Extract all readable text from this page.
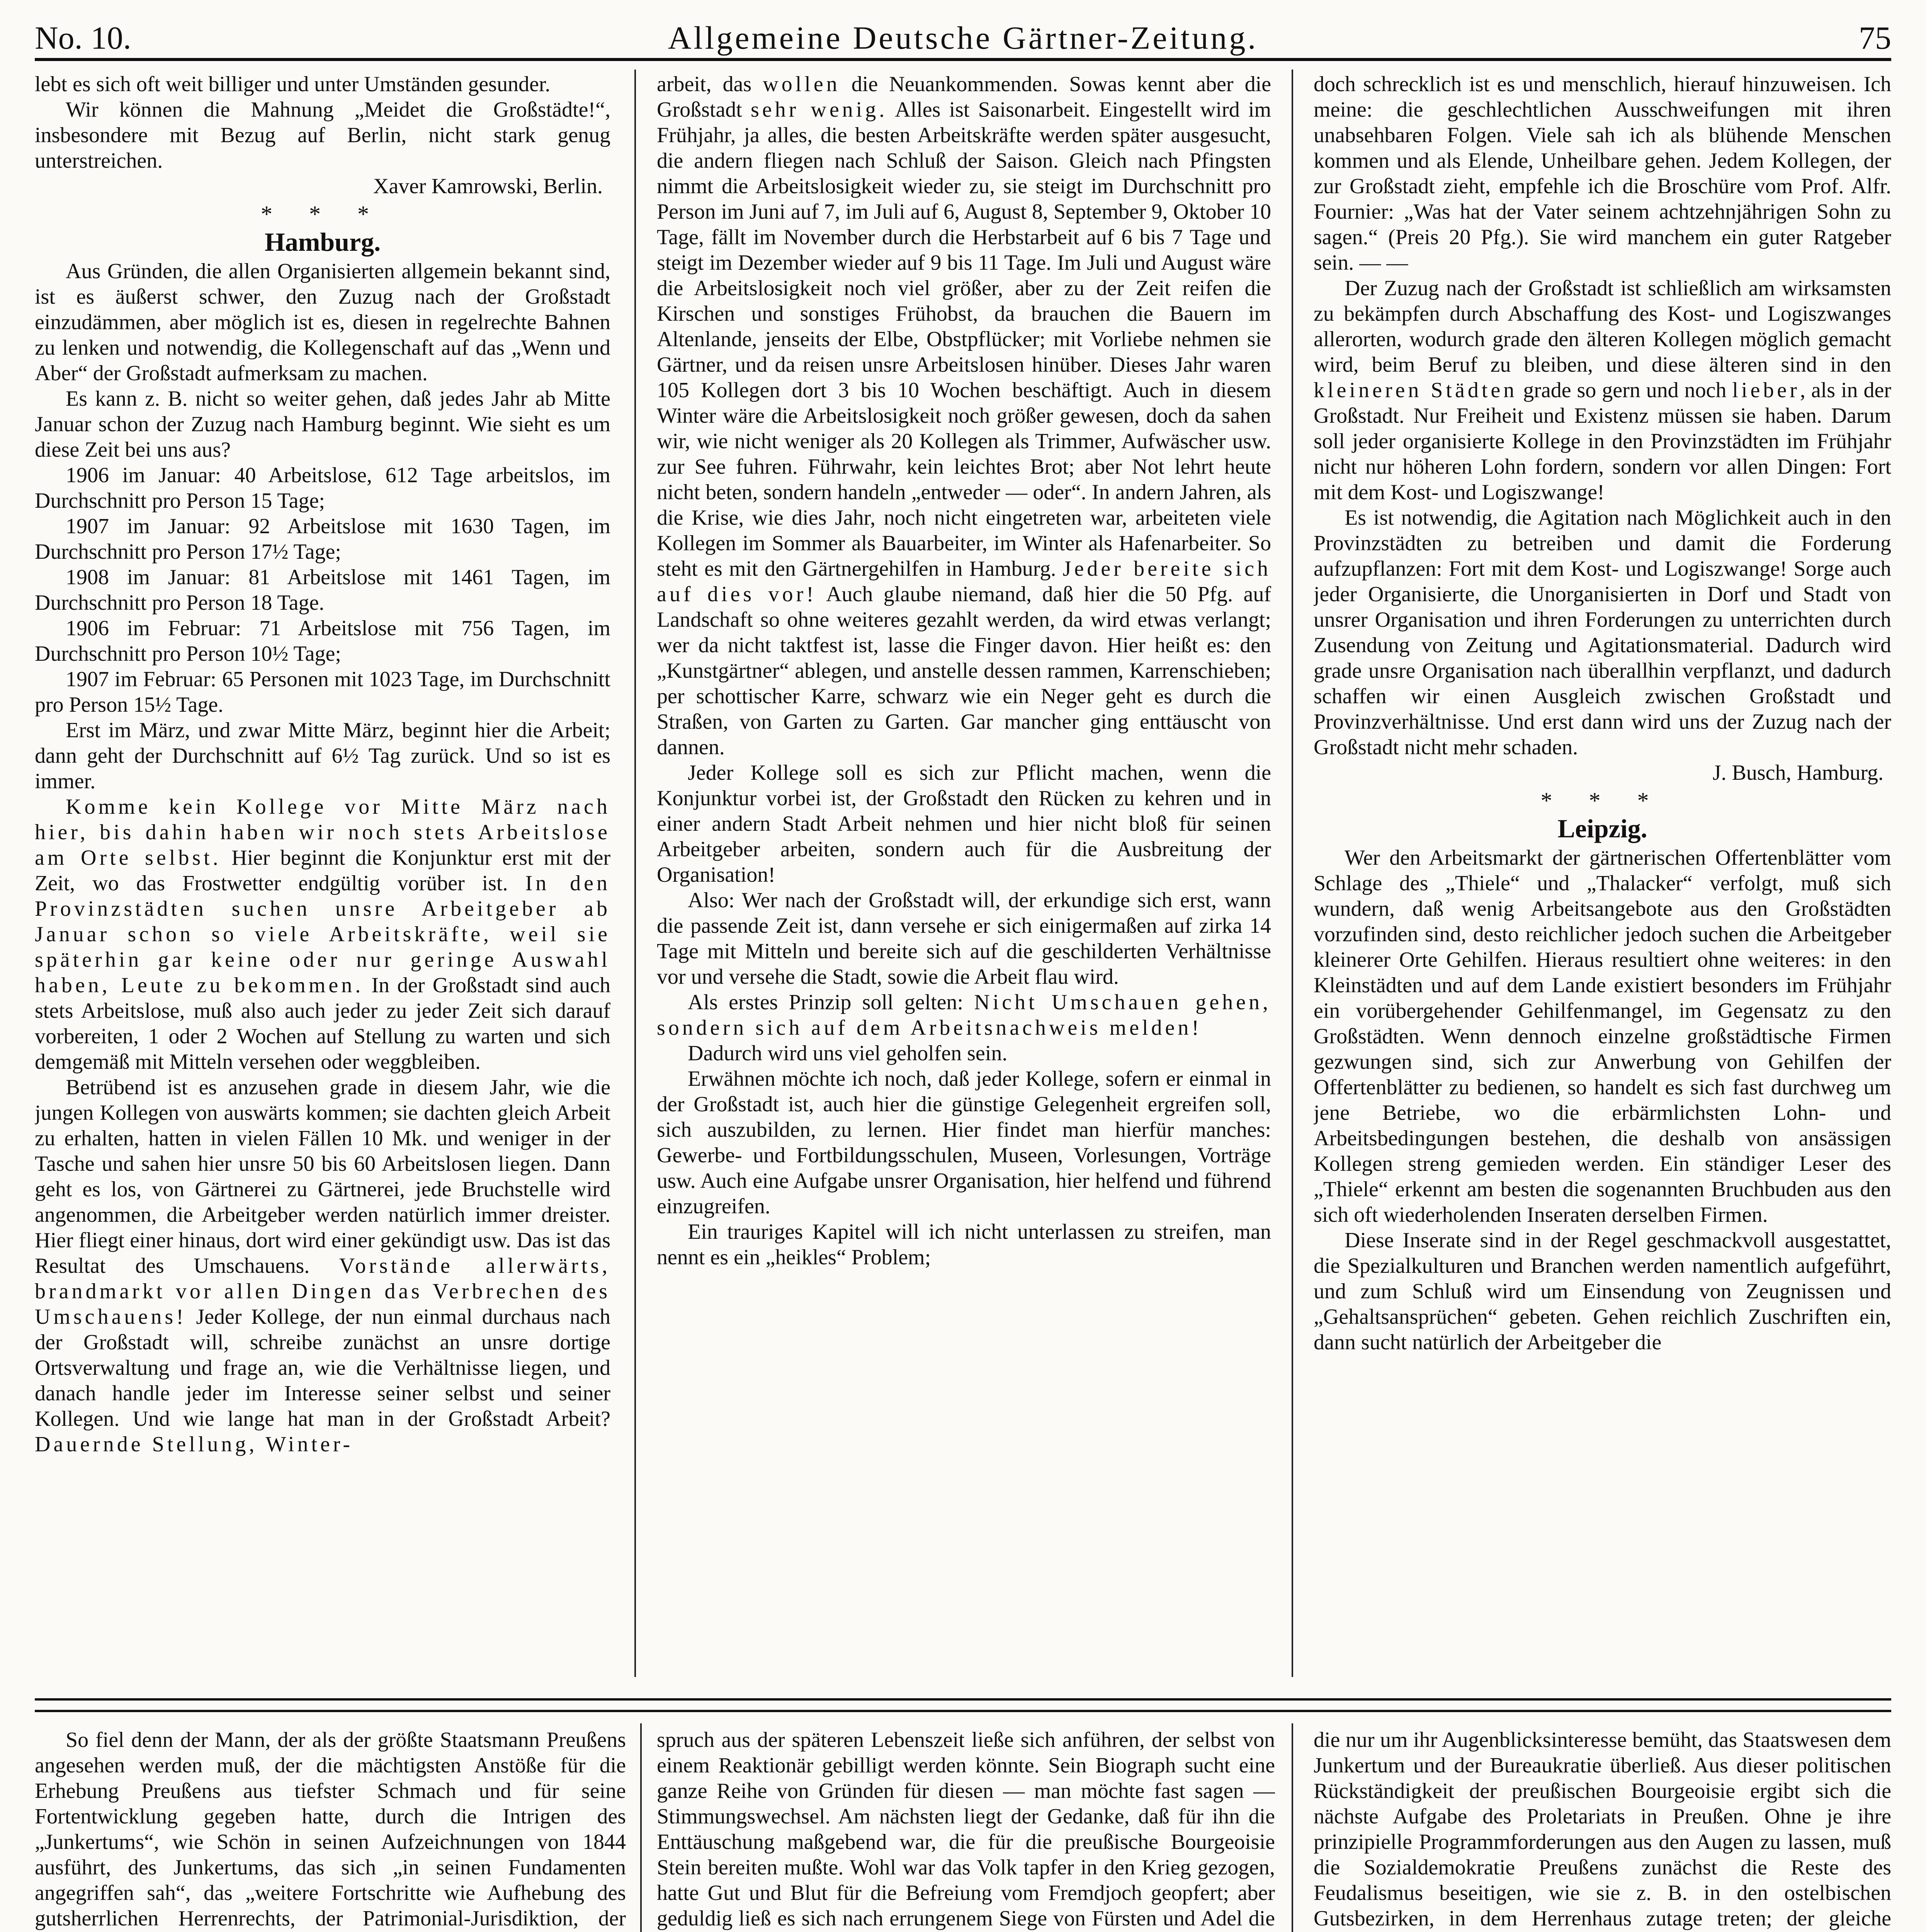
No. 10.	Allgemeine Deutsche Gärtner-Zeitung.	75

lebt es sich oft weit billiger und unter Umständen gesunder.

Wir können die Mahnung „Meidet die Großstädte!“, insbesondere mit Bezug auf Berlin, nicht stark genug unterstreichen.

Xaver Kamrowski, Berlin.

* * *

Hamburg.

Aus Gründen, die allen Organisierten allgemein bekannt sind, ist es äußerst schwer, den Zuzug nach der Großstadt einzudämmen, aber möglich ist es, diesen in regelrechte Bahnen zu lenken und notwendig, die Kollegenschaft auf das „Wenn und Aber“ der Großstadt aufmerksam zu machen.

Es kann z. B. nicht so weiter gehen, daß jedes Jahr ab Mitte Januar schon der Zuzug nach Hamburg beginnt. Wie sieht es um diese Zeit bei uns aus?

1906 im Januar: 40 Arbeitslose, 612 Tage arbeitslos, im Durchschnitt pro Person 15 Tage;

1907 im Januar: 92 Arbeitslose mit 1630 Tagen, im Durchschnitt pro Person 17½ Tage;

1908 im Januar: 81 Arbeitslose mit 1461 Tagen, im Durchschnitt pro Person 18 Tage.

1906 im Februar: 71 Arbeitslose mit 756 Tagen, im Durchschnitt pro Person 10½ Tage;

1907 im Februar: 65 Personen mit 1023 Tage, im Durchschnitt pro Person 15½ Tage.

Erst im März, und zwar Mitte März, beginnt hier die Arbeit; dann geht der Durchschnitt auf 6½ Tag zurück. Und so ist es immer.

Komme kein Kollege vor Mitte März nach hier, bis dahin haben wir noch stets Arbeitslose am Orte selbst. Hier beginnt die Konjunktur erst mit der Zeit, wo das Frostwetter endgültig vorüber ist. In den Provinzstädten suchen unsre Arbeitgeber ab Januar schon so viele Arbeitskräfte, weil sie späterhin gar keine oder nur geringe Auswahl haben, Leute zu bekommen. In der Großstadt sind auch stets Arbeitslose, muß also auch jeder zu jeder Zeit sich darauf vorbereiten, 1 oder 2 Wochen auf Stellung zu warten und sich demgemäß mit Mitteln versehen oder weggbleiben.

Betrübend ist es anzusehen grade in diesem Jahr, wie die jungen Kollegen von auswärts kommen; sie dachten gleich Arbeit zu erhalten, hatten in vielen Fällen 10 Mk. und weniger in der Tasche und sahen hier unsre 50 bis 60 Arbeitslosen liegen. Dann geht es los, von Gärtnerei zu Gärtnerei, jede Bruchstelle wird angenommen, die Arbeitgeber werden natürlich immer dreister. Hier fliegt einer hinaus, dort wird einer gekündigt usw. Das ist das Resultat des Umschauens. Vorstände allerwärts, brandmarkt vor allen Dingen das Verbrechen des Umschauens! Jeder Kollege, der nun einmal durchaus nach der Großstadt will, schreibe zunächst an unsre dortige Ortsverwaltung und frage an, wie die Verhältnisse liegen, und danach handle jeder im Interesse seiner selbst und seiner Kollegen. Und wie lange hat man in der Großstadt Arbeit? Dauernde Stellung, Winter-

arbeit, das wollen die Neuankommenden. Sowas kennt aber die Großstadt sehr wenig. Alles ist Saisonarbeit. Eingestellt wird im Frühjahr, ja alles, die besten Arbeitskräfte werden später ausgesucht, die andern fliegen nach Schluß der Saison. Gleich nach Pfingsten nimmt die Arbeitslosigkeit wieder zu, sie steigt im Durchschnitt pro Person im Juni auf 7, im Juli auf 6, August 8, September 9, Oktober 10 Tage, fällt im November durch die Herbstarbeit auf 6 bis 7 Tage und steigt im Dezember wieder auf 9 bis 11 Tage. Im Juli und August wäre die Arbeitslosigkeit noch viel größer, aber zu der Zeit reifen die Kirschen und sonstiges Frühobst, da brauchen die Bauern im Altenlande, jenseits der Elbe, Obstpflücker; mit Vorliebe nehmen sie Gärtner, und da reisen unsre Arbeitslosen hinüber. Dieses Jahr waren 105 Kollegen dort 3 bis 10 Wochen beschäftigt. Auch in diesem Winter wäre die Arbeitslosigkeit noch größer gewesen, doch da sahen wir, wie nicht weniger als 20 Kollegen als Trimmer, Aufwäscher usw. zur See fuhren. Führwahr, kein leichtes Brot; aber Not lehrt heute nicht beten, sondern handeln „entweder — oder“. In andern Jahren, als die Krise, wie dies Jahr, noch nicht eingetreten war, arbeiteten viele Kollegen im Sommer als Bauarbeiter, im Winter als Hafenarbeiter. So steht es mit den Gärtnergehilfen in Hamburg. Jeder bereite sich auf dies vor! Auch glaube niemand, daß hier die 50 Pfg. auf Landschaft so ohne weiteres gezahlt werden, da wird etwas verlangt; wer da nicht taktfest ist, lasse die Finger davon. Hier heißt es: den „Kunstgärtner“ ablegen, und anstelle dessen rammen, Karrenschieben; per schottischer Karre, schwarz wie ein Neger geht es durch die Straßen, von Garten zu Garten. Gar mancher ging enttäuscht von dannen.

Jeder Kollege soll es sich zur Pflicht machen, wenn die Konjunktur vorbei ist, der Großstadt den Rücken zu kehren und in einer andern Stadt Arbeit nehmen und hier nicht bloß für seinen Arbeitgeber arbeiten, sondern auch für die Ausbreitung der Organisation!

Also: Wer nach der Großstadt will, der erkundige sich erst, wann die passende Zeit ist, dann versehe er sich einigermaßen auf zirka 14 Tage mit Mitteln und bereite sich auf die geschilderten Verhältnisse vor und versehe die Stadt, sowie die Arbeit flau wird.

Als erstes Prinzip soll gelten: Nicht Umschauen gehen, sondern sich auf dem Arbeitsnachweis melden!

Dadurch wird uns viel geholfen sein.

Erwähnen möchte ich noch, daß jeder Kollege, sofern er einmal in der Großstadt ist, auch hier die günstige Gelegenheit ergreifen soll, sich auszubilden, zu lernen. Hier findet man hierfür manches: Gewerbe- und Fortbildungsschulen, Museen, Vorlesungen, Vorträge usw. Auch eine Aufgabe unsrer Organisation, hier helfend und führend einzugreifen.

Ein trauriges Kapitel will ich nicht unterlassen zu streifen, man nennt es ein „heikles“ Problem;

doch schrecklich ist es und menschlich, hierauf hinzuweisen. Ich meine: die geschlechtlichen Ausschweifungen mit ihren unabsehbaren Folgen. Viele sah ich als blühende Menschen kommen und als Elende, Unheilbare gehen. Jedem Kollegen, der zur Großstadt zieht, empfehle ich die Broschüre vom Prof. Alfr. Fournier: „Was hat der Vater seinem achtzehnjährigen Sohn zu sagen.“ (Preis 20 Pfg.). Sie wird manchem ein guter Ratgeber sein. — —

Der Zuzug nach der Großstadt ist schließlich am wirksamsten zu bekämpfen durch Abschaffung des Kost- und Logiszwanges allerorten, wodurch grade den älteren Kollegen möglich gemacht wird, beim Beruf zu bleiben, und diese älteren sind in den kleineren Städten grade so gern und noch lieber, als in der Großstadt. Nur Freiheit und Existenz müssen sie haben. Darum soll jeder organisierte Kollege in den Provinzstädten im Frühjahr nicht nur höheren Lohn fordern, sondern vor allen Dingen: Fort mit dem Kost- und Logiszwange!

Es ist notwendig, die Agitation nach Möglichkeit auch in den Provinzstädten zu betreiben und damit die Forderung aufzupflanzen: Fort mit dem Kost- und Logiszwange! Sorge auch jeder Organisierte, die Unorganisierten in Dorf und Stadt von unsrer Organisation und ihren Forderungen zu unterrichten durch Zusendung von Zeitung und Agitationsmaterial. Dadurch wird grade unsre Organisation nach überallhin verpflanzt, und dadurch schaffen wir einen Ausgleich zwischen Großstadt und Provinzverhältnisse. Und erst dann wird uns der Zuzug nach der Großstadt nicht mehr schaden.

J. Busch, Hamburg.

* * *

Leipzig.

Wer den Arbeitsmarkt der gärtnerischen Offertenblätter vom Schlage des „Thiele“ und „Thalacker“ verfolgt, muß sich wundern, daß wenig Arbeitsangebote aus den Großstädten vorzufinden sind, desto reichlicher jedoch suchen die Arbeitgeber kleinerer Orte Gehilfen. Hieraus resultiert ohne weiteres: in den Kleinstädten und auf dem Lande existiert besonders im Frühjahr ein vorübergehender Gehilfenmangel, im Gegensatz zu den Großstädten. Wenn dennoch einzelne großstädtische Firmen gezwungen sind, sich zur Anwerbung von Gehilfen der Offertenblätter zu bedienen, so handelt es sich fast durchweg um jene Betriebe, wo die erbärmlichsten Lohn- und Arbeitsbedingungen bestehen, die deshalb von ansässigen Kollegen streng gemieden werden. Ein ständiger Leser des „Thiele“ erkennt am besten die sogenannten Bruchbuden aus den sich oft wiederholenden Inseraten derselben Firmen.

Diese Inserate sind in der Regel geschmackvoll ausgestattet, die Spezialkulturen und Branchen werden namentlich aufgeführt, und zum Schluß wird um Einsendung von Zeugnissen und „Gehaltsansprüchen“ gebeten. Gehen reichlich Zuschriften ein, dann sucht natürlich der Arbeitgeber die

So fiel denn der Mann, der als der größte Staatsmann Preußens angesehen werden muß, der die mächtigsten Anstöße für die Erhebung Preußens aus tiefster Schmach und für seine Fortentwicklung gegeben hatte, durch die Intrigen des „Junkertums“, wie Schön in seinen Aufzeichnungen von 1844 ausführt, des Junkertums, das sich „in seinen Fundamenten angegriffen sah“, das „weitere Fortschritte wie Aufhebung des gutsherrlichen Herrenrechts, der Patrimonial-Jurisdiktion, der

spruch aus der späteren Lebenszeit ließe sich anführen, der selbst von einem Reaktionär gebilligt werden könnte. Sein Biograph sucht eine ganze Reihe von Gründen für diesen — man möchte fast sagen — Stimmungswechsel. Am nächsten liegt der Gedanke, daß für ihn die Enttäuschung maßgebend war, die für die preußische Bourgeoisie Stein bereiten mußte. Wohl war das Volk tapfer in den Krieg gezogen, hatte Gut und Blut für die Befreiung vom Fremdjoch geopfert; aber geduldig ließ es sich nach errungenem Siege von Fürsten und Adel die

die nur um ihr Augenblicksinteresse bemüht, das Staatswesen dem Junkertum und der Bureaukratie überließ. Aus dieser politischen Rückständigkeit der preußischen Bourgeoisie ergibt sich die nächste Aufgabe des Proletariats in Preußen. Ohne je ihre prinzipielle Programmforderungen aus den Augen zu lassen, muß die Sozialdemokratie Preußens zunächst die Reste des Feudalismus beseitigen, wie sie z. B. in den ostelbischen Gutsbezirken, in dem Herrenhaus zutage treten; der gleiche
